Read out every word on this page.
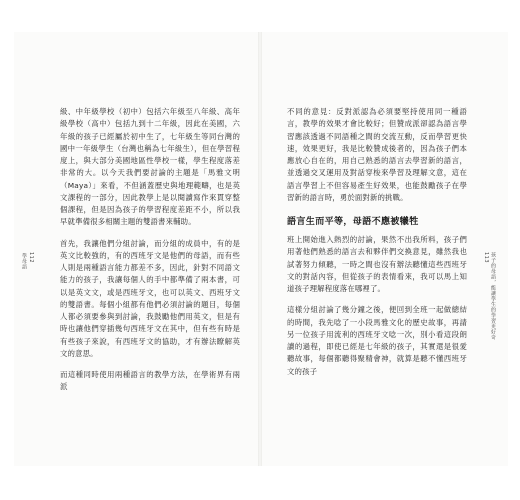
學母語 112

級、中年級學校（初中）包括六年級至八年級、高年級學校（高中）包括九到十二年級，因此在美國，六年級的孩子已經屬於初中生了，七年級生等同台灣的國中一年級學生（台灣也稱為七年級生），但在學習程度上，與大部分美國地區性學校一樣，學生程度落差非常的大。以今天我們要討論的主題是「馬雅文明（Maya）」來看，不但涵蓋歷史與地理範疇，也是英文課程的一部分，因此教學上是以閱讀寫作來貫穿整個課程，但是因為孩子的學習程度差距不小，所以我早就準備很多相關主題的雙語書來輔助。

首先，我讓他們分組討論，而分組的成員中，有的是英文比較強的，有的西班牙文是他們的母語，而有些人則是兩種語言能力都差不多，因此，針對不同語文能力的孩子，我讓每個人的手中都準備了兩本書，可以是英文文，或是西班牙文，也可以英文、西班牙文的雙語書。每個小組都有他們必須討論的題目，每個人都必須要參與到討論，我鼓勵他們用英文，但是有時也讓他們穿插幾句西班牙文在其中，但有些有時是有些孩子來說，有西班牙文的協助，才有辦法瞭解英文的意思。

而這種同時使用兩種語言的教學方法，在學術界有兩派

不同的意見：反對派認為必須要堅持使用同一種語言，教學的效果才會比較好；但贊成派卻認為語言學習應該透過不同語種之間的交流互動，反而學習更快速，效果更好，我是比較贊成後者的，因為孩子們本應放心自在的，用自己熟悉的語言去學習新的語言，並透過交叉運用及對話穿梭來學習及理解文意，這在語言學習上不但容易產生好效果，也能鼓勵孩子在學習新的語言時，勇於面對新的挑戰。

語言生而平等，母語不應被犧牲

班上開始進入熱烈的討論，果然不出我所料，孩子們用著他們熟悉的語言去和夥伴們交換意見，雖然我也試著努力傾聽，一時之間也沒有辦法聽懂這些西班牙文的對話內容，但從孩子的表情看來，我可以馬上知道孩子理解程度落在哪裡了。

這樣分組討論了幾分鐘之後，便回到全班一起做總結的時間，我先唸了一小段馬雅文化的歷史故事，再請另一位孩子用流利的西班牙文唸一次，別小看這段朗讀的過程，即使已經是七年級的孩子，其實還是很愛聽故事，每個都聽得聚精會神，就算是聽不懂西班牙文的孩子

113 孩子的母語，能讓學生的學習更好奇
